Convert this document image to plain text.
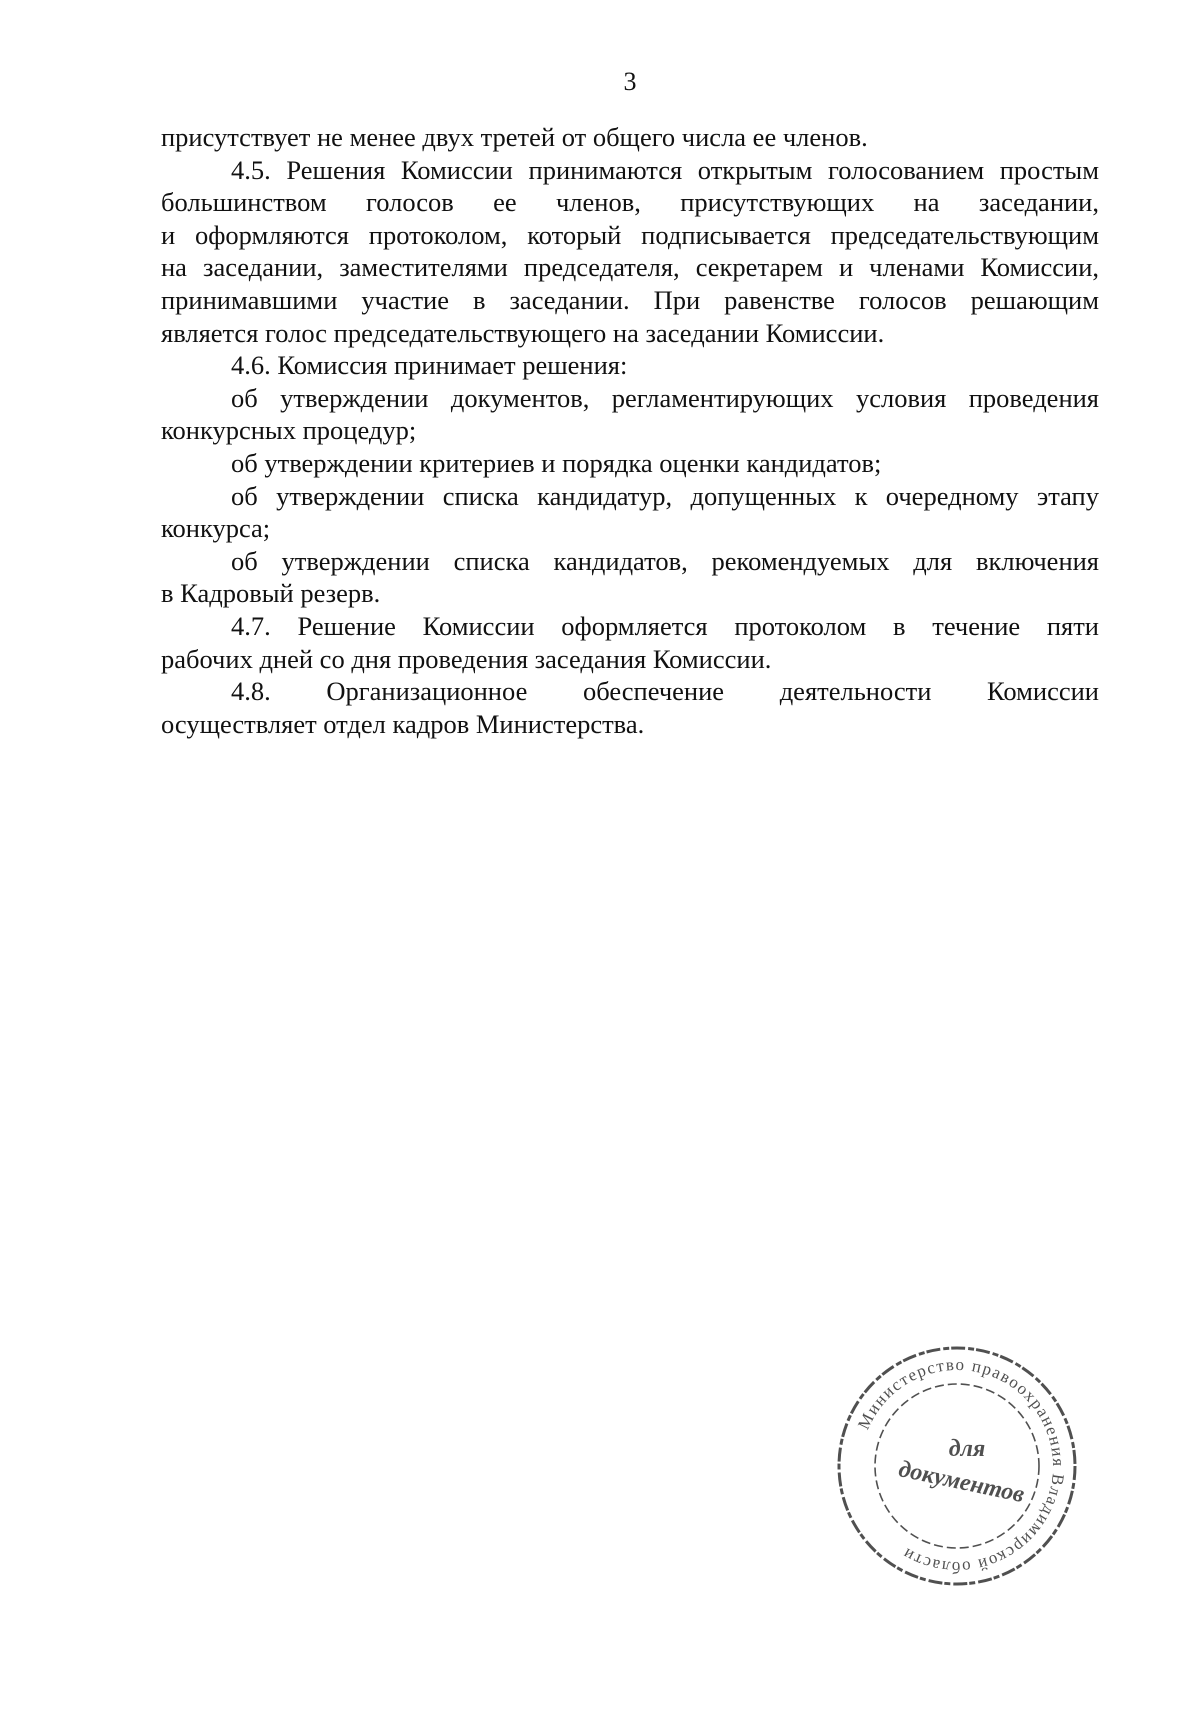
3
присутствует не менее двух третей от общего числа ее членов.
4.5. Решения Комиссии принимаются открытым голосованием простым
большинством голосов ее членов, присутствующих на заседании,
и оформляются протоколом, который подписывается председательствующим
на заседании, заместителями председателя, секретарем и членами Комиссии,
принимавшими участие в заседании. При равенстве голосов решающим
является голос председательствующего на заседании Комиссии.
4.6. Комиссия принимает решения:
об утверждении документов, регламентирующих условия проведения
конкурсных процедур;
об утверждении критериев и порядка оценки кандидатов;
об утверждении списка кандидатур, допущенных к очередному этапу
конкурса;
об утверждении списка кандидатов, рекомендуемых для включения
в Кадровый резерв.
4.7. Решение Комиссии оформляется протоколом в течение пяти
рабочих дней со дня проведения заседания Комиссии.
4.8. Организационное обеспечение деятельности Комиссии
осуществляет отдел кадров Министерства.
Министерство правоохранения Владимирской области
для
документов
